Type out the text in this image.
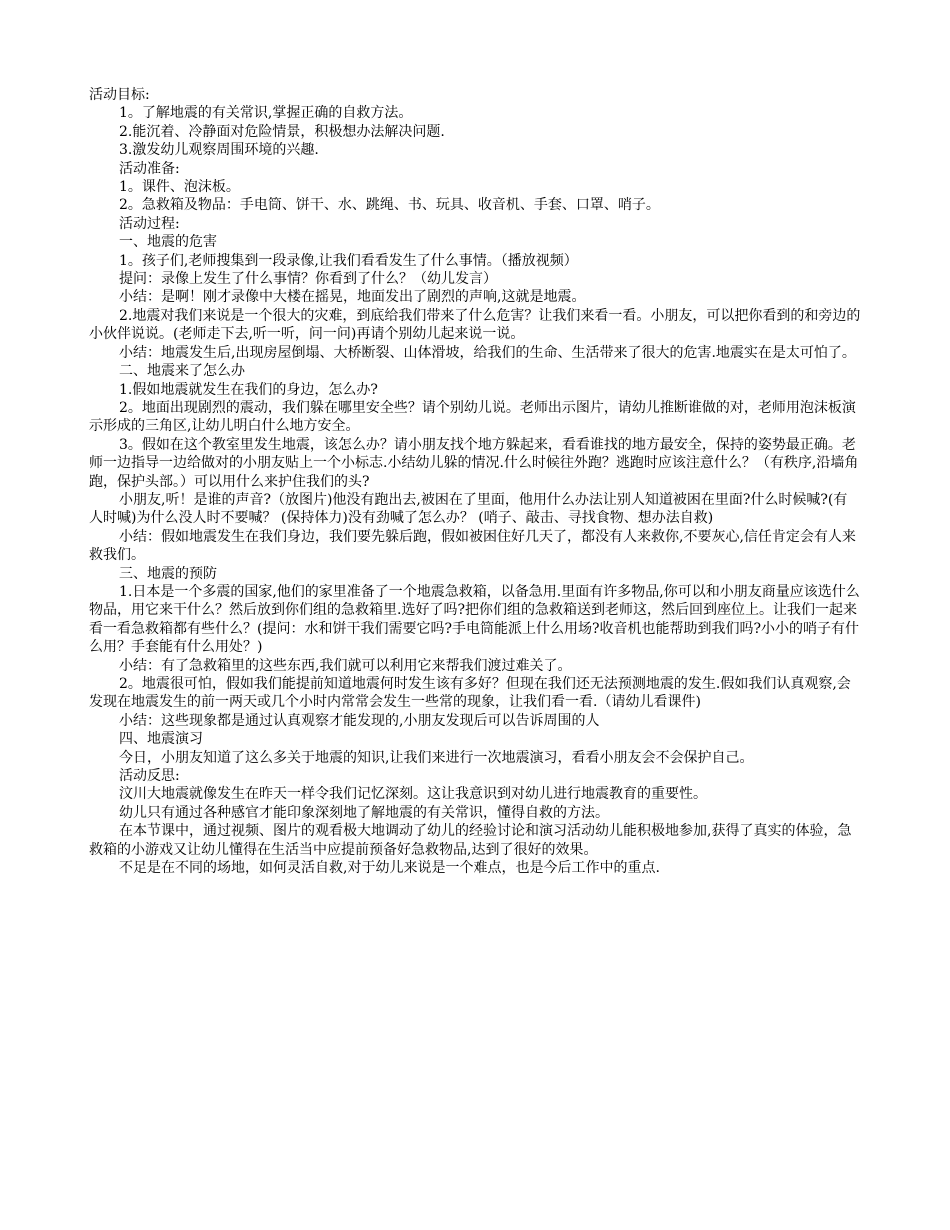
活动目标:

1。了解地震的有关常识,掌握正确的自救方法。

2.能沉着、冷静面对危险情景，积极想办法解决问题.

3.激发幼儿观察周围环境的兴趣.

活动准备:

1。课件、泡沫板。

2。急救箱及物品：手电筒、饼干、水、跳绳、书、玩具、收音机、手套、口罩、哨子。

活动过程:

一、地震的危害

1。孩子们,老师搜集到一段录像,让我们看看发生了什么事情。（播放视频）

提问：录像上发生了什么事情？你看到了什么？（幼儿发言）

小结：是啊！刚才录像中大楼在摇晃，地面发出了剧烈的声响,这就是地震。

2.地震对我们来说是一个很大的灾难，到底给我们带来了什么危害？让我们来看一看。小朋友，可以把你看到的和旁边的小伙伴说说。(老师走下去,听一听，问一问)再请个别幼儿起来说一说。

小结：地震发生后,出现房屋倒塌、大桥断裂、山体滑坡，给我们的生命、生活带来了很大的危害.地震实在是太可怕了。

二、地震来了怎么办

1.假如地震就发生在我们的身边，怎么办?

2。地面出现剧烈的震动，我们躲在哪里安全些？请个别幼儿说。老师出示图片，请幼儿推断谁做的对，老师用泡沫板演示形成的三角区,让幼儿明白什么地方安全。

3。假如在这个教室里发生地震，该怎么办？请小朋友找个地方躲起来，看看谁找的地方最安全，保持的姿势最正确。老师一边指导一边给做对的小朋友贴上一个小标志.小结幼儿躲的情况.什么时候往外跑？逃跑时应该注意什么？（有秩序,沿墙角跑，保护头部。）可以用什么来护住我们的头?

小朋友,听！是谁的声音?（放图片)他没有跑出去,被困在了里面，他用什么办法让别人知道被困在里面?什么时候喊?(有人时喊)为什么没人时不要喊？ (保持体力)没有劲喊了怎么办？ (哨子、敲击、寻找食物、想办法自救)

小结：假如地震发生在我们身边，我们要先躲后跑，假如被困住好几天了，都没有人来救你,不要灰心,信任肯定会有人来救我们。

三、地震的预防

1.日本是一个多震的国家,他们的家里准备了一个地震急救箱，以备急用.里面有许多物品,你可以和小朋友商量应该选什么物品，用它来干什么？然后放到你们组的急救箱里.选好了吗?把你们组的急救箱送到老师这，然后回到座位上。让我们一起来看一看急救箱都有些什么？(提问：水和饼干我们需要它吗?手电筒能派上什么用场?收音机也能帮助到我们吗?小小的哨子有什么用？手套能有什么用处？)

小结：有了急救箱里的这些东西,我们就可以利用它来帮我们渡过难关了。

2。地震很可怕，假如我们能提前知道地震何时发生该有多好？但现在我们还无法预测地震的发生.假如我们认真观察,会发现在地震发生的前一两天或几个小时内常常会发生一些常的现象，让我们看一看.（请幼儿看课件)

小结：这些现象都是通过认真观察才能发现的,小朋友发现后可以告诉周围的人

四、地震演习

今日，小朋友知道了这么多关于地震的知识,让我们来进行一次地震演习，看看小朋友会不会保护自己。

活动反思:

汶川大地震就像发生在昨天一样令我们记忆深刻。这让我意识到对幼儿进行地震教育的重要性。

幼儿只有通过各种感官才能印象深刻地了解地震的有关常识，懂得自救的方法。

在本节课中，通过视频、图片的观看极大地调动了幼儿的经验讨论和演习活动幼儿能积极地参加,获得了真实的体验，急救箱的小游戏又让幼儿懂得在生活当中应提前预备好急救物品,达到了很好的效果。

不足是在不同的场地，如何灵活自救,对于幼儿来说是一个难点，也是今后工作中的重点.
